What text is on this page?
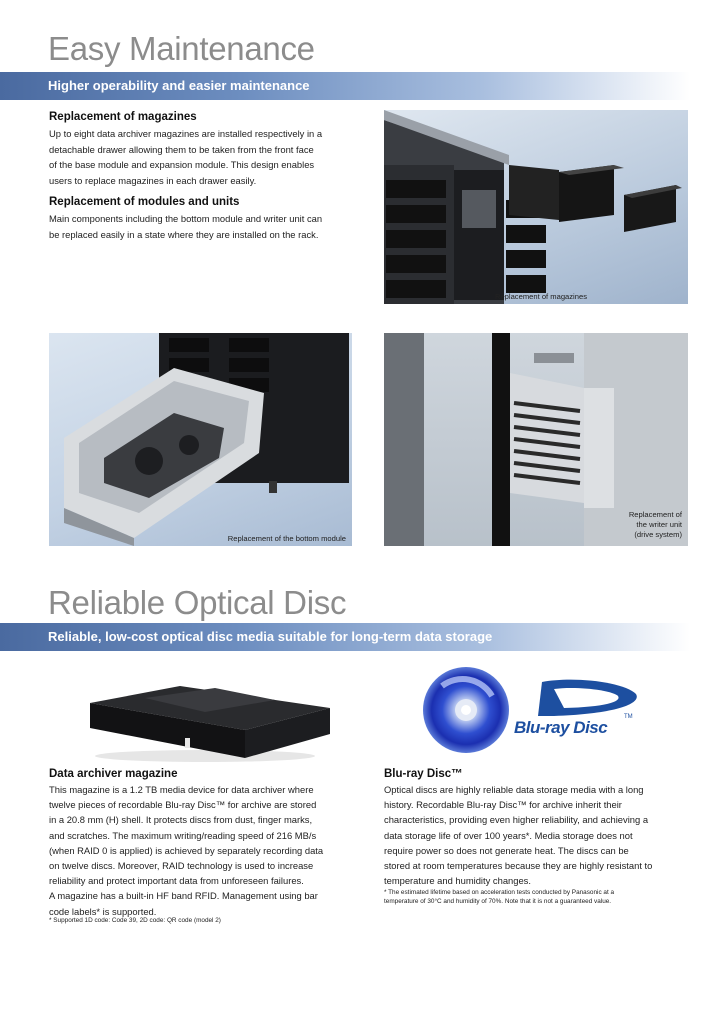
Easy Maintenance
Higher operability and easier maintenance
Replacement of magazines
Up to eight data archiver magazines are installed respectively in a
detachable drawer allowing them to be taken from the front face
of the base module and expansion module. This design enables
users to replace magazines in each drawer easily.
Replacement of modules and units
Main components including the bottom module and writer unit can
be replaced easily in a state where they are installed on the rack.
Replacement of magazines
Replacement of the bottom module
Replacement of
the writer unit
(drive system)
Reliable Optical Disc
Reliable, low-cost optical disc media suitable for long-term data storage
Blu-ray Disc
TM
Data archiver magazine
This magazine is a 1.2 TB media device for data archiver where
twelve pieces of recordable Blu-ray Disc™ for archive are stored
in a 20.8 mm (H) shell. It protects discs from dust, finger marks,
and scratches. The maximum writing/reading speed of 216 MB/s
(when RAID 0 is applied) is achieved by separately recording data
on twelve discs. Moreover, RAID technology is used to increase
reliability and protect important data from unforeseen failures.
A magazine has a built-in HF band RFID. Management using bar
code labels* is supported.
* Supported 1D code: Code 39, 2D code: QR code (model 2)
Blu-ray Disc™
Optical discs are highly reliable data storage media with a long
history. Recordable Blu-ray Disc™ for archive inherit their
characteristics, providing even higher reliability, and achieving a
data storage life of over 100 years*. Media storage does not
require power so does not generate heat. The discs can be
stored at room temperatures because they are highly resistant to
temperature and humidity changes.
* The estimated lifetime based on acceleration tests conducted by Panasonic at a
temperature of 30°C and humidity of 70%. Note that it is not a guaranteed value.
